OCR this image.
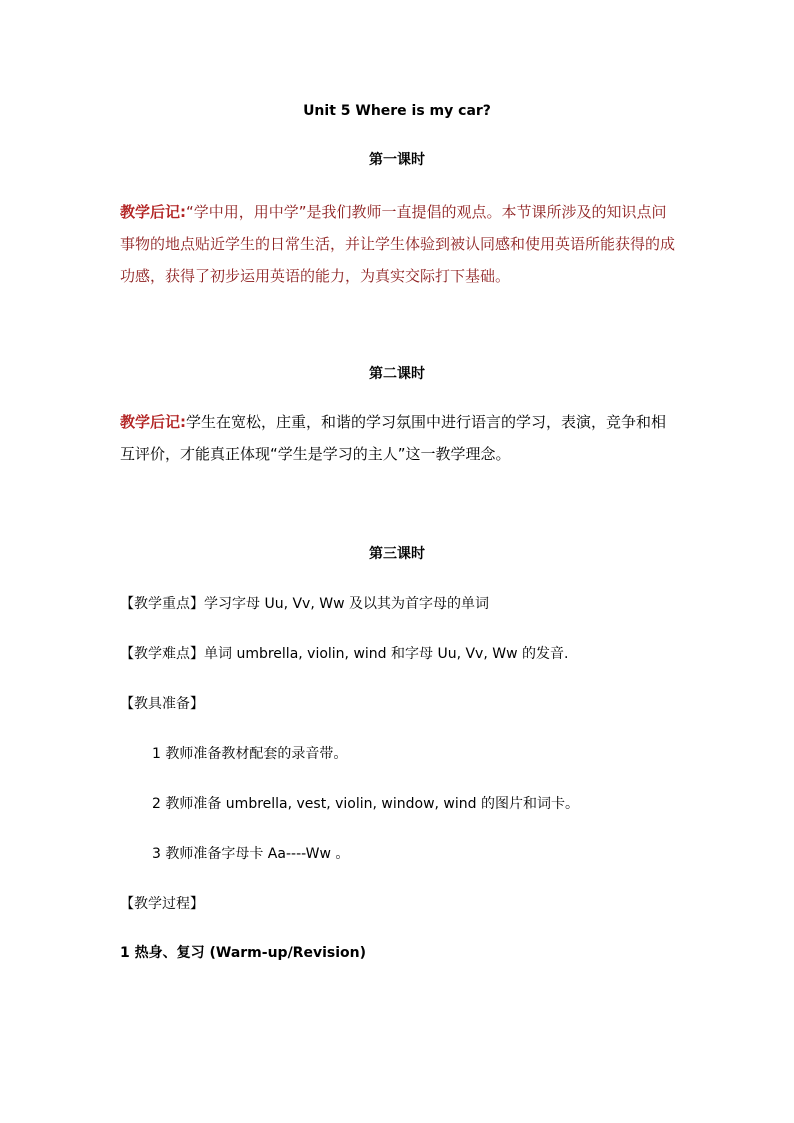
Unit 5 Where is my car?
第一课时
教学后记:“学中用，用中学”是我们教师一直提倡的观点。本节课所涉及的知识点问事物的地点贴近学生的日常生活，并让学生体验到被认同感和使用英语所能获得的成功感，获得了初步运用英语的能力，为真实交际打下基础。
第二课时
教学后记:学生在宽松，庄重，和谐的学习氛围中进行语言的学习，表演，竞争和相互评价，才能真正体现“学生是学习的主人”这一教学理念。
第三课时
【教学重点】学习字母 Uu, Vv, Ww 及以其为首字母的单词
【教学难点】单词 umbrella, violin, wind 和字母 Uu, Vv, Ww 的发音.
【教具准备】
1 教师准备教材配套的录音带。
2 教师准备 umbrella, vest, violin, window, wind 的图片和词卡。
3 教师准备字母卡 Aa----Ww 。
【教学过程】
1 热身、复习 (Warm-up/Revision)
